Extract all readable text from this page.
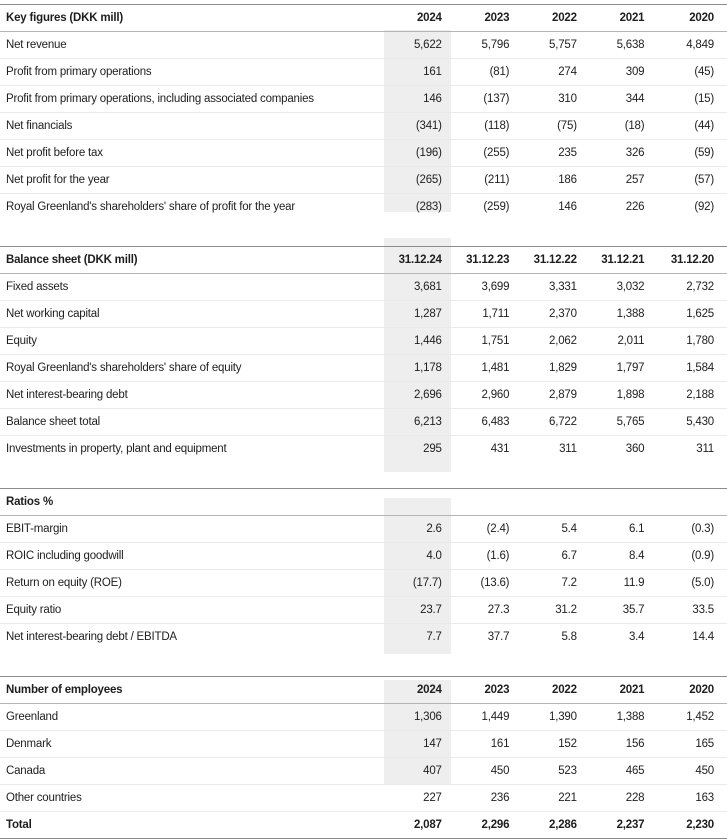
Key figures (DKK mill)	2024	2023	2022	2021	2020
Net revenue	5,622	5,796	5,757	5,638	4,849
Profit from primary operations	161	(81)	274	309	(45)
Profit from primary operations, including associated companies	146	(137)	310	344	(15)
Net financials	(341)	(118)	(75)	(18)	(44)
Net profit before tax	(196)	(255)	235	326	(59)
Net profit for the year	(265)	(211)	186	257	(57)
Royal Greenland's shareholders' share of profit for the year	(283)	(259)	146	226	(92)

Balance sheet (DKK mill)	31.12.24	31.12.23	31.12.22	31.12.21	31.12.20
Fixed assets	3,681	3,699	3,331	3,032	2,732
Net working capital	1,287	1,711	2,370	1,388	1,625
Equity	1,446	1,751	2,062	2,011	1,780
Royal Greenland's shareholders' share of equity	1,178	1,481	1,829	1,797	1,584
Net interest-bearing debt	2,696	2,960	2,879	1,898	2,188
Balance sheet total	6,213	6,483	6,722	5,765	5,430
Investments in property, plant and equipment	295	431	311	360	311

Ratios %					
EBIT-margin	2.6	(2.4)	5.4	6.1	(0.3)
ROIC including goodwill	4.0	(1.6)	6.7	8.4	(0.9)
Return on equity (ROE)	(17.7)	(13.6)	7.2	11.9	(5.0)
Equity ratio	23.7	27.3	31.2	35.7	33.5
Net interest-bearing debt / EBITDA	7.7	37.7	5.8	3.4	14.4

Number of employees	2024	2023	2022	2021	2020
Greenland	1,306	1,449	1,390	1,388	1,452
Denmark	147	161	152	156	165
Canada	407	450	523	465	450
Other countries	227	236	221	228	163
Total	2,087	2,296	2,286	2,237	2,230
